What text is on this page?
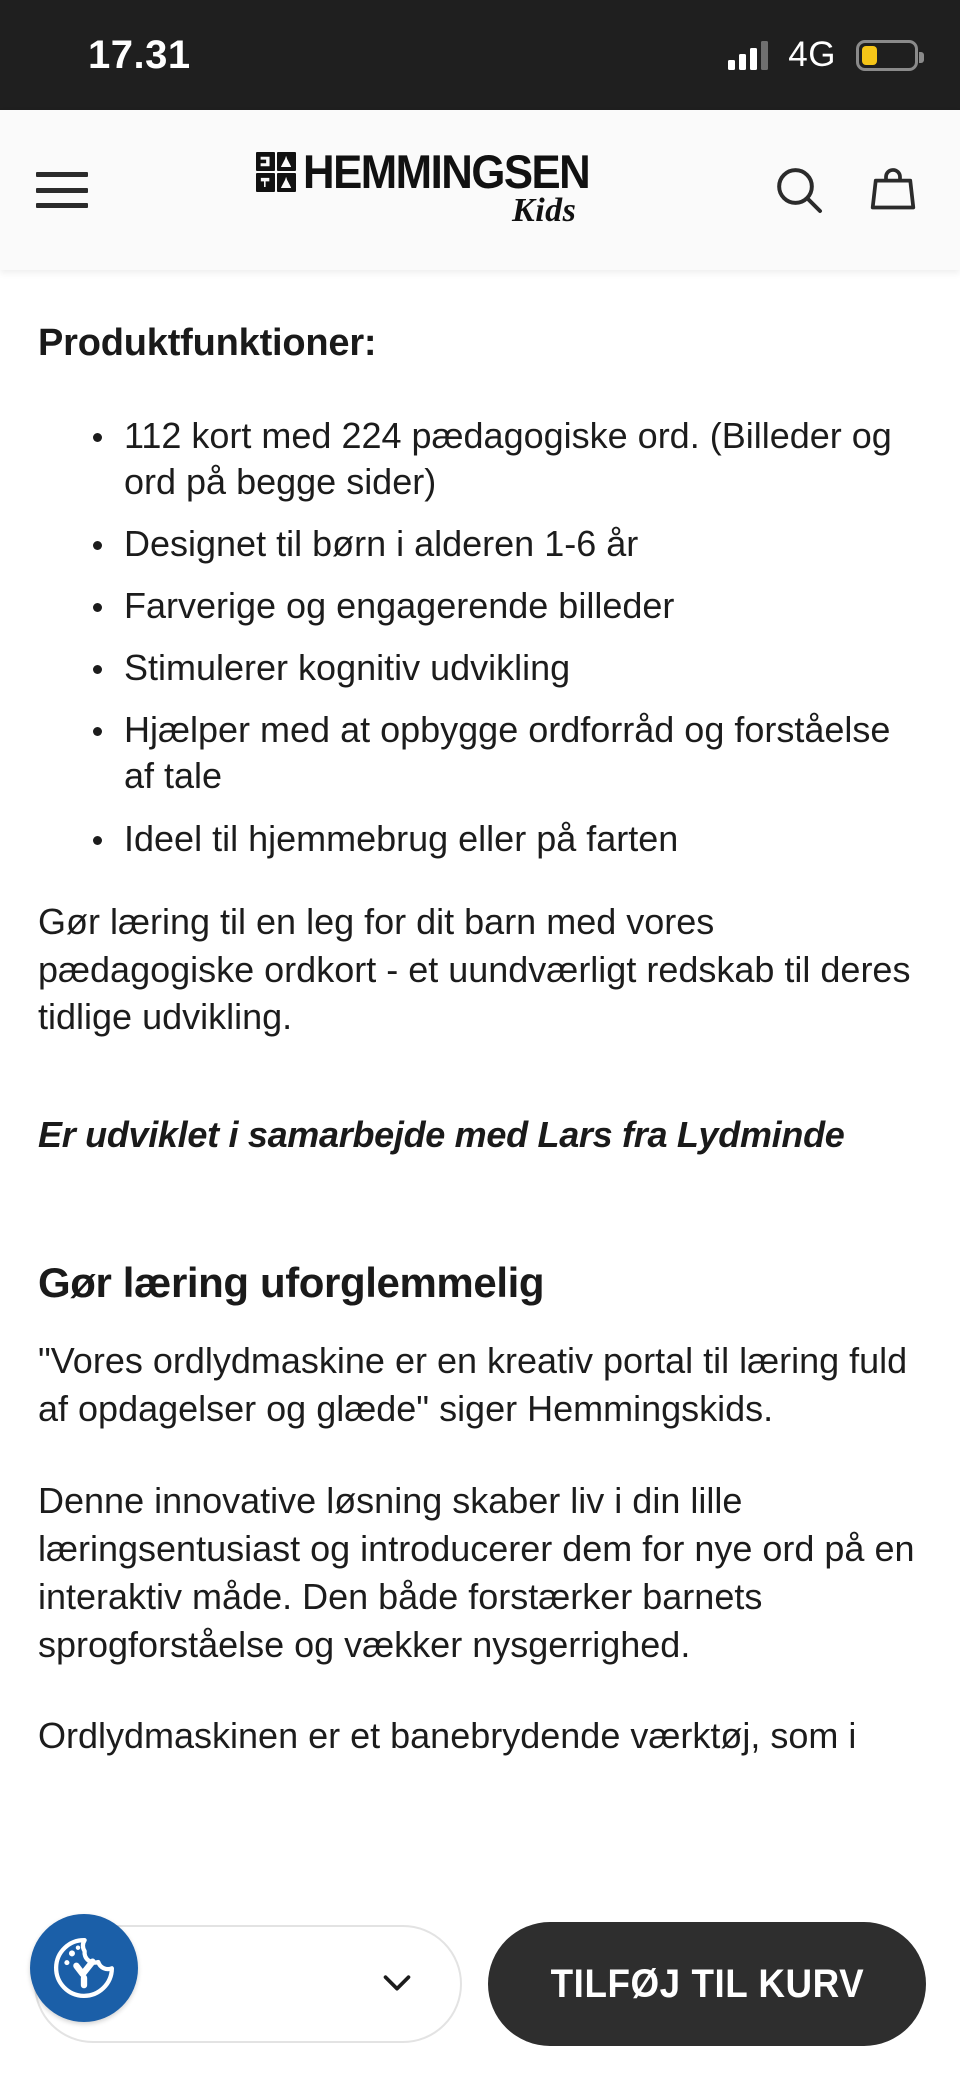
17.31	4G
HEMMINGSEN
Kids
Produktfunktioner:
112 kort med 224 pædagogiske ord. (Billeder og ord på begge sider)
Designet til børn i alderen 1-6 år
Farverige og engagerende billeder
Stimulerer kognitiv udvikling
Hjælper med at opbygge ordforråd og forståelse af tale
Ideel til hjemmebrug eller på farten

Gør læring til en leg for dit barn med vores pædagogiske ordkort - et uundværligt redskab til deres tidlige udvikling.

Er udviklet i samarbejde med Lars fra Lydminde

Gør læring uforglemmelig

"Vores ordlydmaskine er en kreativ portal til læring fuld af opdagelser og glæde" siger Hemmingskids.

Denne innovative løsning skaber liv i din lille læringsentusiast og introducerer dem for nye ord på en interaktiv måde. Den både forstærker barnets sprogforståelse og vækker nysgerrighed.

Ordlydmaskinen er et banebrydende værktøj, som i

TILFØJ TIL KURV
